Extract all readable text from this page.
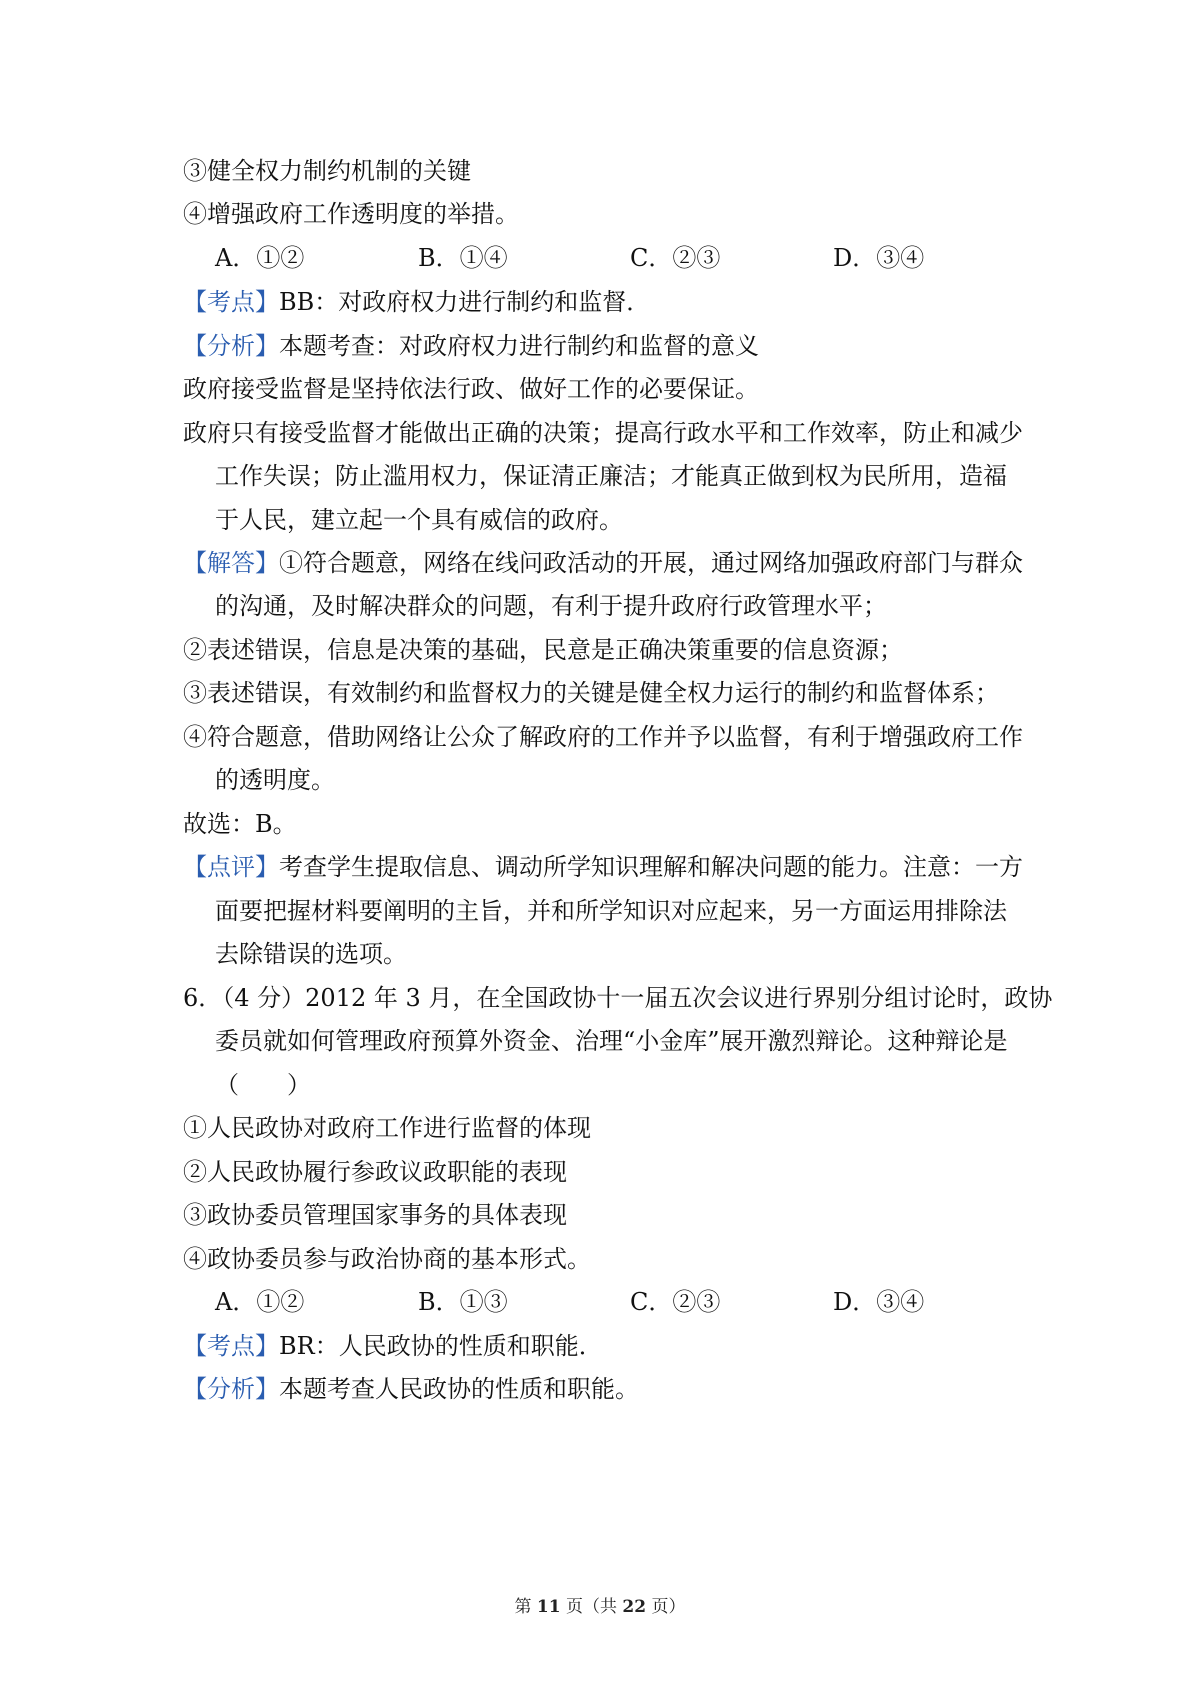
③健全权力制约机制的关键
④增强政府工作透明度的举措。
A．①②	B．①④	C．②③	D．③④
【考点】BB：对政府权力进行制约和监督．
【分析】本题考查：对政府权力进行制约和监督的意义
政府接受监督是坚持依法行政、做好工作的必要保证。
政府只有接受监督才能做出正确的决策；提高行政水平和工作效率，防止和减少
工作失误；防止滥用权力，保证清正廉洁；才能真正做到权为民所用，造福
于人民，建立起一个具有威信的政府。
【解答】①符合题意，网络在线问政活动的开展，通过网络加强政府部门与群众
的沟通，及时解决群众的问题，有利于提升政府行政管理水平；
②表述错误，信息是决策的基础，民意是正确决策重要的信息资源；
③表述错误，有效制约和监督权力的关键是健全权力运行的制约和监督体系；
④符合题意，借助网络让公众了解政府的工作并予以监督，有利于增强政府工作
的透明度。
故选：B。
【点评】考查学生提取信息、调动所学知识理解和解决问题的能力。注意：一方
面要把握材料要阐明的主旨，并和所学知识对应起来，另一方面运用排除法
去除错误的选项。
6．（4 分）2012 年 3 月，在全国政协十一届五次会议进行界别分组讨论时，政协
委员就如何管理政府预算外资金、治理“小金库”展开激烈辩论。这种辩论是
（　　）
①人民政协对政府工作进行监督的体现
②人民政协履行参政议政职能的表现
③政协委员管理国家事务的具体表现
④政协委员参与政治协商的基本形式。
A．①②	B．①③	C．②③	D．③④
【考点】BR：人民政协的性质和职能．
【分析】本题考查人民政协的性质和职能。
第 11 页（共 22 页）
